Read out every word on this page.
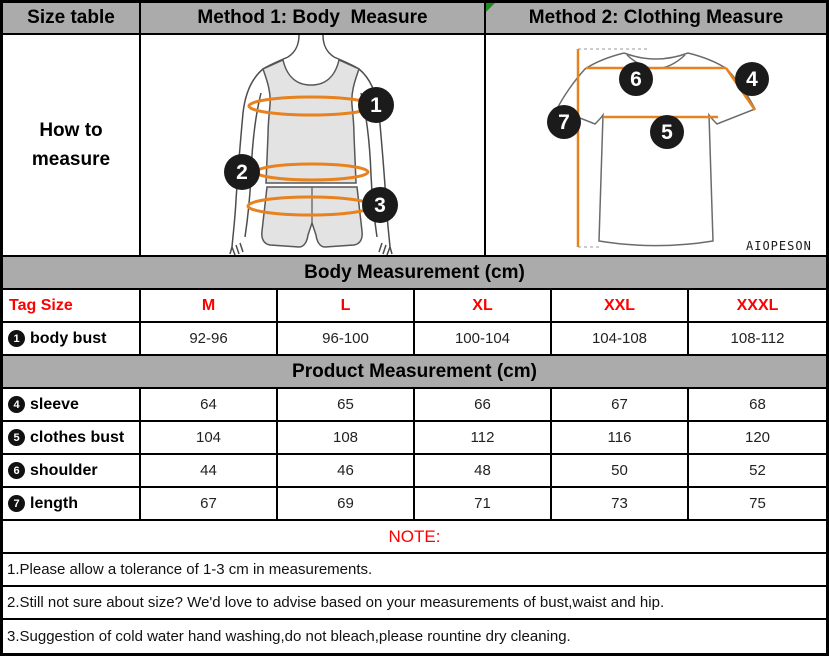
Size table	Method 1: Body  Measure	Method 2: Clothing Measure
How to
measure
1
2
3
6	4
5
7
AIOPESON
Body Measurement (cm)
Tag Size	M	L	XL	XXL	XXXL
1 body bust	92-96	96-100	100-104	104-108	108-112
Product Measurement (cm)
4 sleeve	64	65	66	67	68
5 clothes bust	104	108	112	116	120
6 shoulder	44	46	48	50	52
7 length	67	69	71	73	75
NOTE:
1.Please allow a tolerance of 1-3 cm in measurements.
2.Still not sure about size? We'd love to advise based on your measurements of bust,waist and hip.
3.Suggestion of cold water hand washing,do not bleach,please rountine dry cleaning.
